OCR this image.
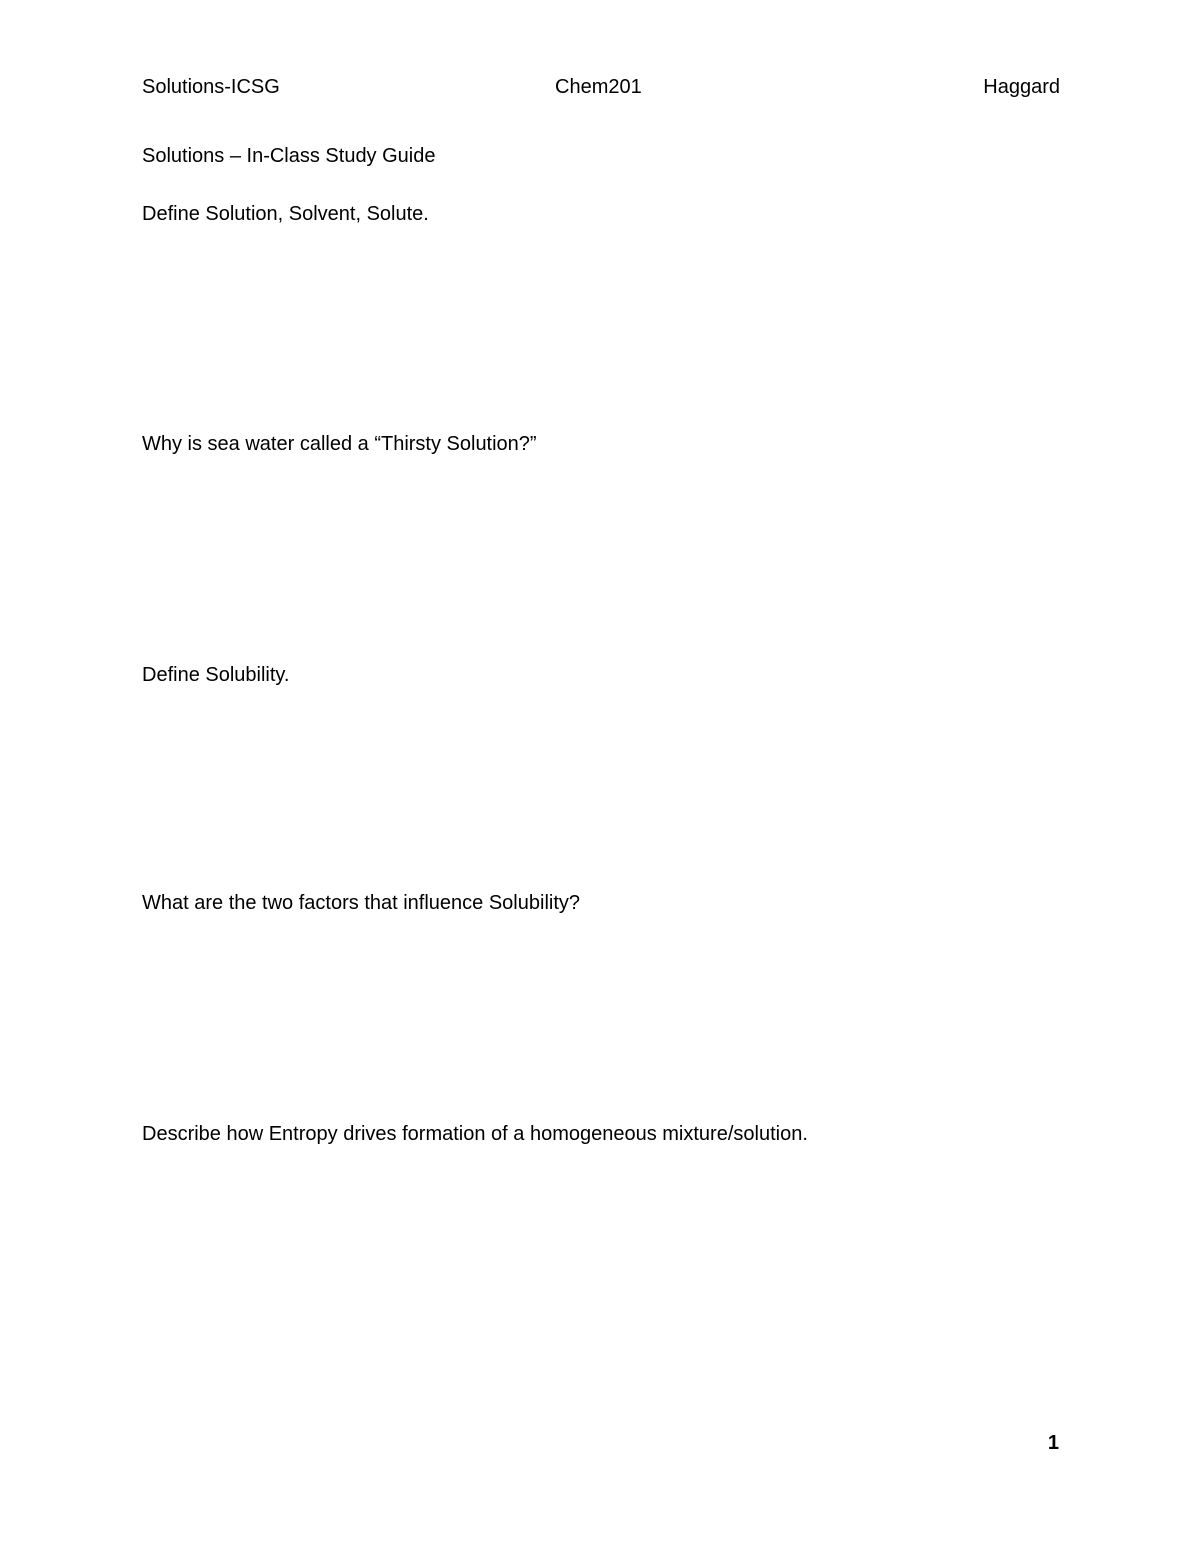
Solutions-ICSG	Chem201	Haggard
Solutions – In-Class Study Guide
Define Solution, Solvent, Solute.
Why is sea water called a “Thirsty Solution?”
Define Solubility.
What are the two factors that influence Solubility?
Describe how Entropy drives formation of a homogeneous mixture/solution.
1
